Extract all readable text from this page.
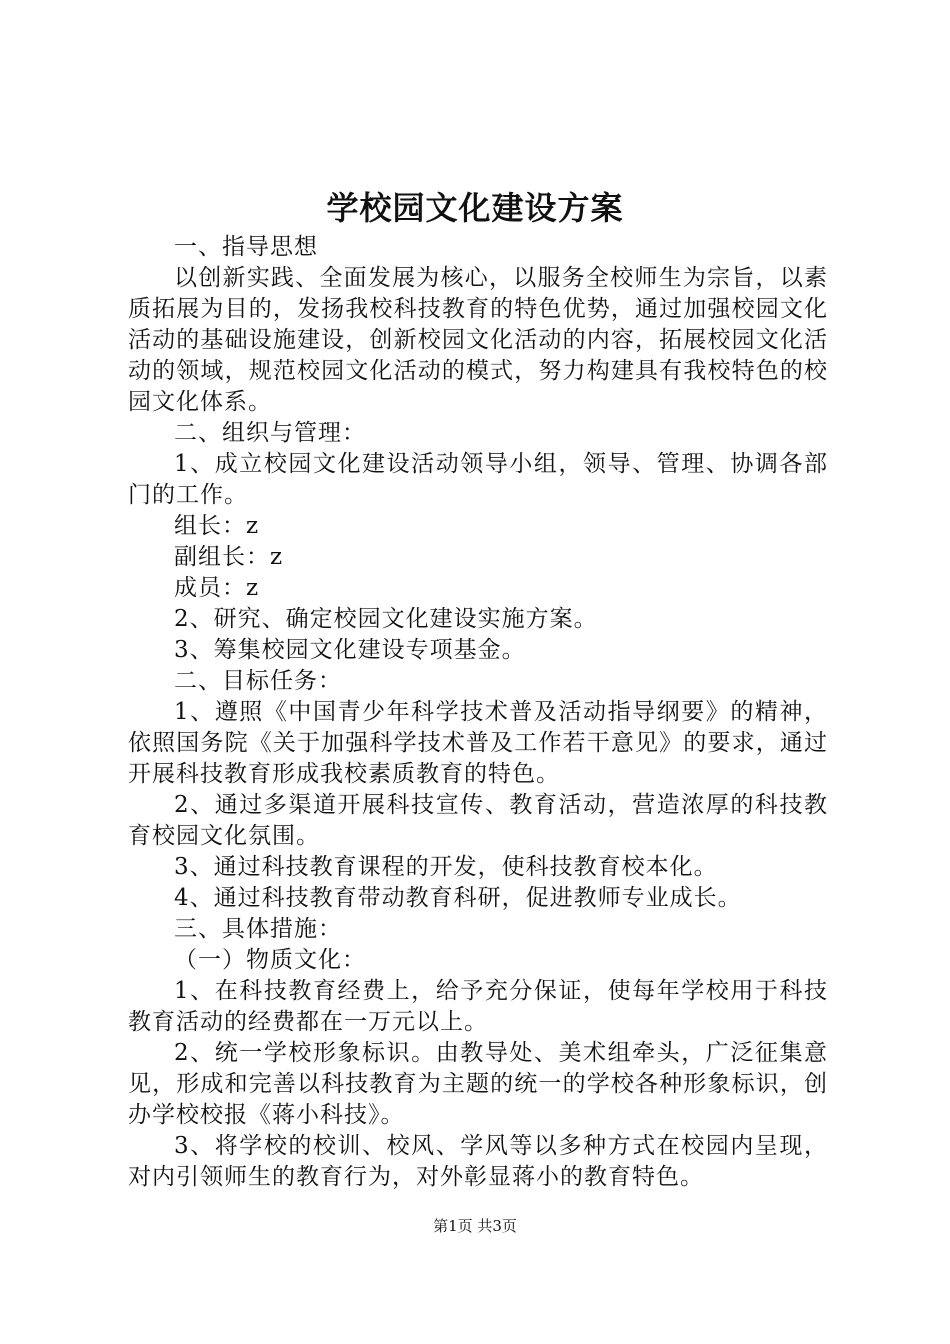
学校园文化建设方案

一、指导思想

以创新实践、全面发展为核心，以服务全校师生为宗旨，以素质拓展为目的，发扬我校科技教育的特色优势，通过加强校园文化活动的基础设施建设，创新校园文化活动的内容，拓展校园文化活动的领域，规范校园文化活动的模式，努力构建具有我校特色的校园文化体系。

二、组织与管理：

1、成立校园文化建设活动领导小组，领导、管理、协调各部门的工作。

组长：z

副组长：z

成员：z

2、研究、确定校园文化建设实施方案。

3、筹集校园文化建设专项基金。

二、目标任务：

1、遵照《中国青少年科学技术普及活动指导纲要》的精神，依照国务院《关于加强科学技术普及工作若干意见》的要求，通过开展科技教育形成我校素质教育的特色。

2、通过多渠道开展科技宣传、教育活动，营造浓厚的科技教育校园文化氛围。

3、通过科技教育课程的开发，使科技教育校本化。

4、通过科技教育带动教育科研，促进教师专业成长。

三、具体措施：

（一）物质文化：

1、在科技教育经费上，给予充分保证，使每年学校用于科技教育活动的经费都在一万元以上。

2、统一学校形象标识。由教导处、美术组牵头，广泛征集意见，形成和完善以科技教育为主题的统一的学校各种形象标识，创办学校校报《蒋小科技》。

3、将学校的校训、校风、学风等以多种方式在校园内呈现，对内引领师生的教育行为，对外彰显蒋小的教育特色。

第1页 共3页
